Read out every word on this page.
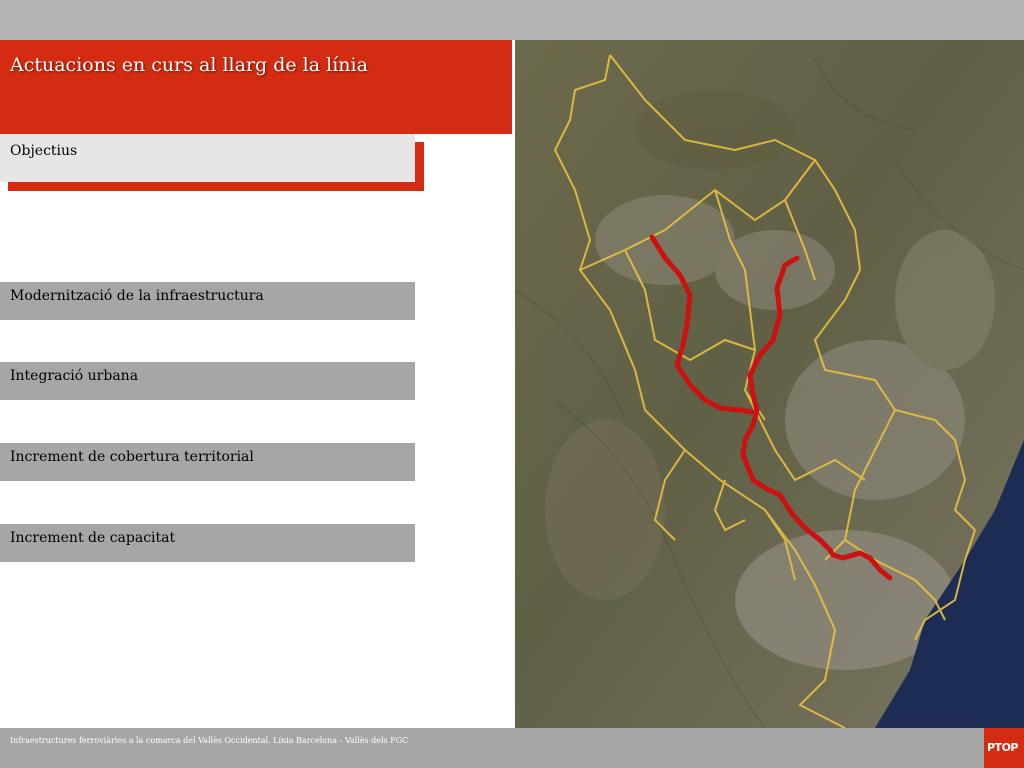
Actuacions en curs al llarg de la línia
Objectius
Modernització de la infraestructura
Integració urbana
Increment de cobertura territorial
Increment de capacitat
Infraestructures ferroviàries a la comarca del Vallès Occidental. Línia Barcelona - Vallès dels FGC
PTOP
